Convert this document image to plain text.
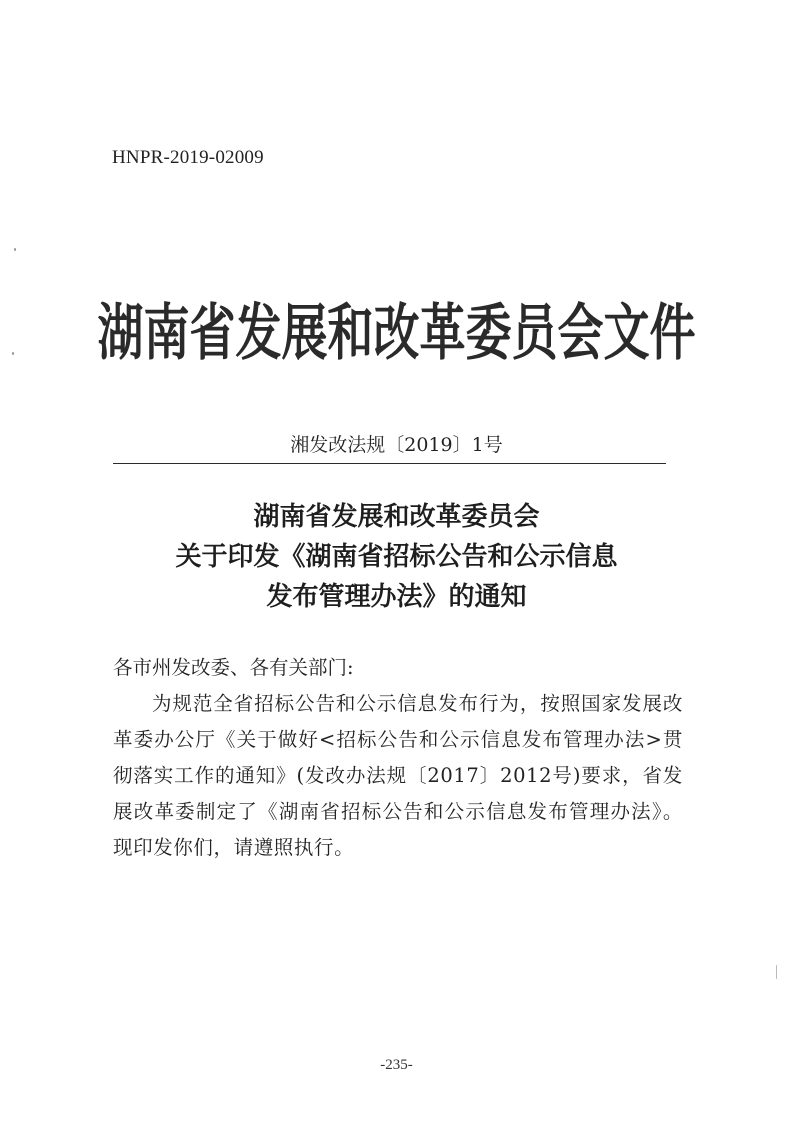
HNPR-2019-02009
湖南省发展和改革委员会文件
湘发改法规〔2019〕1号
湖南省发展和改革委员会
关于印发《湖南省招标公告和公示信息
发布管理办法》的通知
各市州发改委、各有关部门:
为规范全省招标公告和公示信息发布行为，按照国家发展改革委办公厅《关于做好<招标公告和公示信息发布管理办法>贯彻落实工作的通知》(发改办法规〔2017〕2012号)要求，省发展改革委制定了《湖南省招标公告和公示信息发布管理办法》。现印发你们，请遵照执行。
-235-
